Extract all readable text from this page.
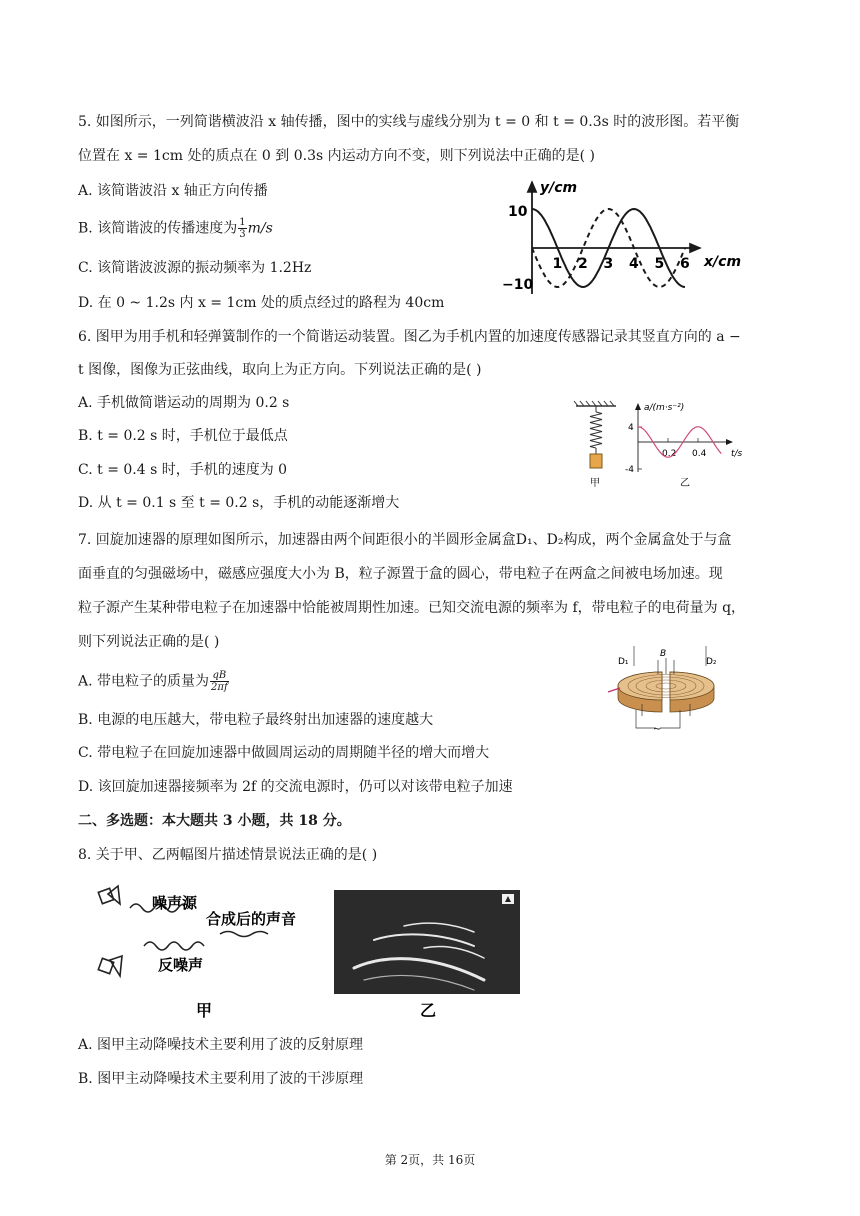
5. 如图所示，一列简谐横波沿 x 轴传播，图中的实线与虚线分别为 t = 0 和 t = 0.3s 时的波形图。若平衡
位置在 x = 1cm 处的质点在 0 到 0.3s 内运动方向不变，则下列说法中正确的是( )
A. 该简谐波沿 x 轴正方向传播
B. 该简谐波的传播速度为 $\frac{1}{3} m/s$
C. 该简谐波波源的振动频率为 1.2Hz
D. 在 0 ~ 1.2s 内 x = 1cm 处的质点经过的路程为 40cm
y/cm
x/cm
10
−10
1 2 3 4 5 6
6. 图甲为用手机和轻弹簧制作的一个简谐运动装置。图乙为手机内置的加速度传感器记录其竖直方向的 a −
t 图像，图像为正弦曲线，取向上为正方向。下列说法正确的是( )
A. 手机做简谐运动的周期为 0.2 s
B. t = 0.2 s 时，手机位于最低点
C. t = 0.4 s 时，手机的速度为 0
D. 从 t = 0.1 s 至 t = 0.2 s，手机的动能逐渐增大
甲
a/(m·s⁻²)
t/s
4
-4
0.2 0.4
乙
7. 回旋加速器的原理如图所示，加速器由两个间距很小的半圆形金属盒D₁、D₂构成，两个金属盒处于与盒
面垂直的匀强磁场中，磁感应强度大小为 B，粒子源置于盒的圆心，带电粒子在两盒之间被电场加速。现
粒子源产生某种带电粒子在加速器中恰能被周期性加速。已知交流电源的频率为 f，带电粒子的电荷量为 q，
则下列说法正确的是( )
A. 带电粒子的质量为 $\frac{qB}{2\pi f}$
B. 电源的电压越大，带电粒子最终射出加速器的速度越大
C. 带电粒子在回旋加速器中做圆周运动的周期随半径的增大而增大
D. 该回旋加速器接频率为 2f 的交流电源时，仍可以对该带电粒子加速
D₁	D₂
B
~
二、多选题：本大题共 3 小题，共 18 分。
8. 关于甲、乙两幅图片描述情景说法正确的是( )
噪声源
合成后的声音
反噪声
甲	乙
A. 图甲主动降噪技术主要利用了波的反射原理
B. 图甲主动降噪技术主要利用了波的干涉原理
第 2页，共 16页
